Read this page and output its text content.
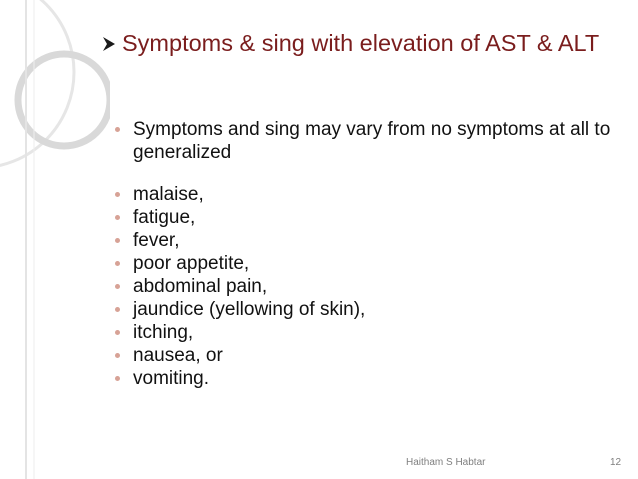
Symptoms & sing with elevation of AST & ALT
Symptoms and sing may vary from no symptoms at all to generalized
malaise,
fatigue,
fever,
poor appetite,
abdominal pain,
jaundice (yellowing of skin),
itching,
nausea, or
vomiting.
Haitham S Habtar	12
